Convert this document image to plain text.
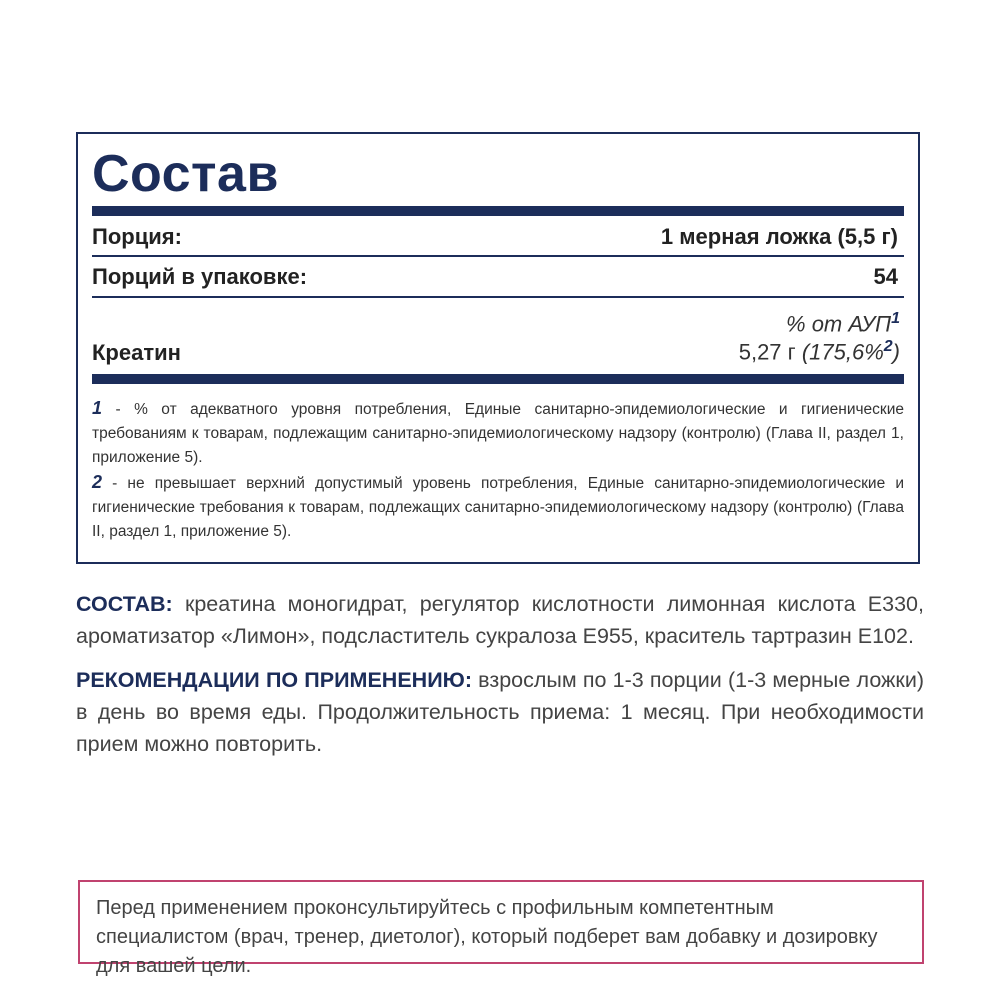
Состав
Порция:	1 мерная ложка (5,5 г)
Порций в упаковке:	54
% от АУП$^1$
Креатин	5,27 г (175,6%$^2$)
1 - % от адекватного уровня потребления, Единые санитарно-эпидемиологические и гигиенические требованиям к товарам, подлежащим санитарно-эпидемиологическому надзору (контролю) (Глава II, раздел 1, приложение 5).
2 - не превышает верхний допустимый уровень потребления, Единые санитарно-эпидемиологические и гигиенические требования к товарам, подлежащих санитарно-эпидемиологическому надзору (контролю) (Глава II, раздел 1, приложение 5).
СОСТАВ: креатина моногидрат, регулятор кислотности лимонная кислота Е330, ароматизатор «Лимон», подсластитель сукралоза Е955, краситель тартразин Е102.
РЕКОМЕНДАЦИИ ПО ПРИМЕНЕНИЮ: взрослым по 1-3 порции (1-3 мерные ложки) в день во время еды. Продолжительность приема: 1 месяц. При необходимости прием можно повторить.
Перед применением проконсультируйтесь с профильным компетентным специалистом (врач, тренер, диетолог), который подберет вам добавку и дозировку для вашей цели.
